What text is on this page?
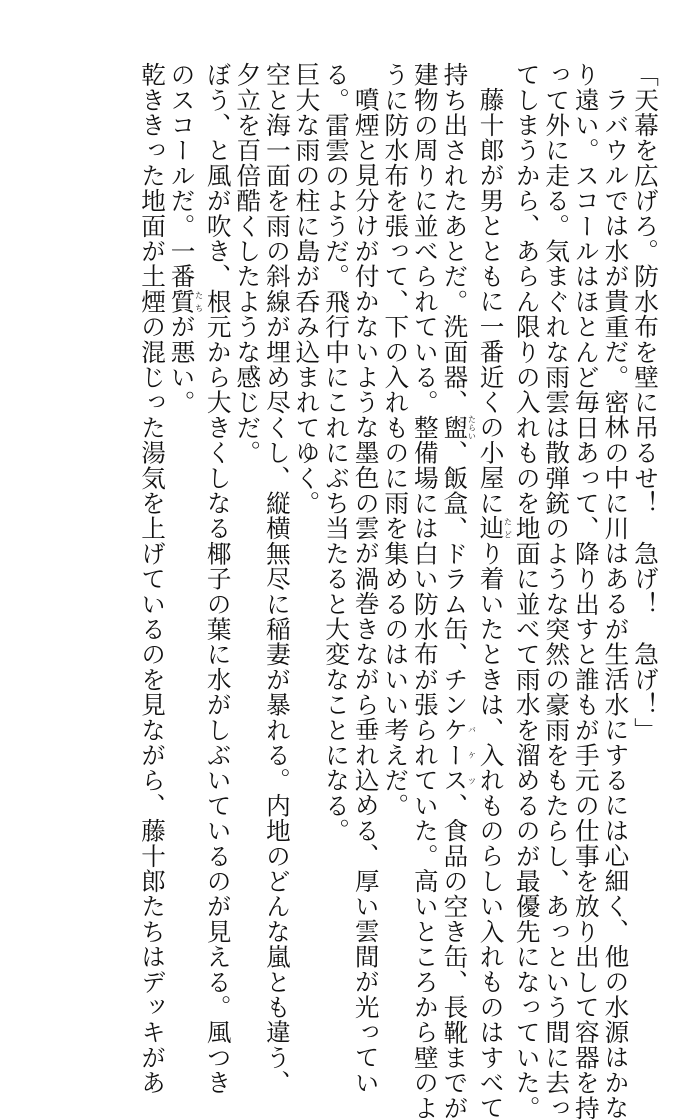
「天幕を広げろ。防水布を壁に吊るせ！　急げ！　急げ！」
ラバウルでは水が貴重だ。密林の中に川はあるが生活水にするには心細く、他の水源はかな
り遠い。スコールはほとんど毎日あって、降り出すと誰もが手元の仕事を放り出して容器を持
って外に走る。気まぐれな雨雲は散弾銃のような突然の豪雨をもたらし、あっという間に去っ
てしまうから、あらん限りの入れものを地面に並べて雨水を溜めるのが最優先になっていた。
藤十郎が男とともに一番近くの小屋に辿たどり着いたときは、入れものらしい入れものはすべて
持ち出されたあとだ。洗面器、盥たらい、飯盒、ドラム缶、チンケースバケツ、食品の空き缶、長靴までが
建物の周りに並べられている。整備場には白い防水布が張られていた。高いところから壁のよ
うに防水布を張って、下の入れものに雨を集めるのはいい考えだ。
噴煙と見分けが付かないような墨色の雲が渦巻きながら垂れ込める、厚い雲間が光ってい
る。雷雲のようだ。飛行中にこれにぶち当たると大変なことになる。
巨大な雨の柱に島が呑み込まれてゆく。
空と海一面を雨の斜線が埋め尽くし、縦横無尽に稲妻が暴れる。内地のどんな嵐とも違う、
夕立を百倍酷くしたような感じだ。
ぼう、と風が吹き、根元から大きくしなる椰子の葉に水がしぶいているのが見える。風つき
のスコールだ。一番質たちが悪い。
乾ききった地面が土煙の混じった湯気を上げているのを見ながら、藤十郎たちはデッキがあ
